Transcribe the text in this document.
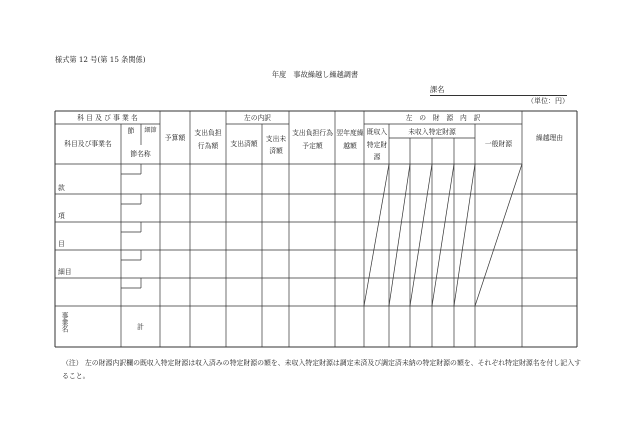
様式第 12 号(第 15 条関係)
年度　事故繰越し繰越調書
課名
（単位：円）
科 目 及 び 事 業 名
科目及び事業名
節	細節
節名称
予算額
支出負担行為額
左の内訳
支出済額
支出未済額
支出負担行為予定額
翌年度繰越額
左　の　財　源　内　訳
既収入特定財源
未収入特定財源
一般財源
繰越理由
款
項
目
細目
事業名	計
（注） 左の財源内訳欄の既収入特定財源は収入済みの特定財源の額を、未収入特定財源は調定未済及び調定済未納の特定財源の額を、それぞれ特定財源名を付し記入すること。
